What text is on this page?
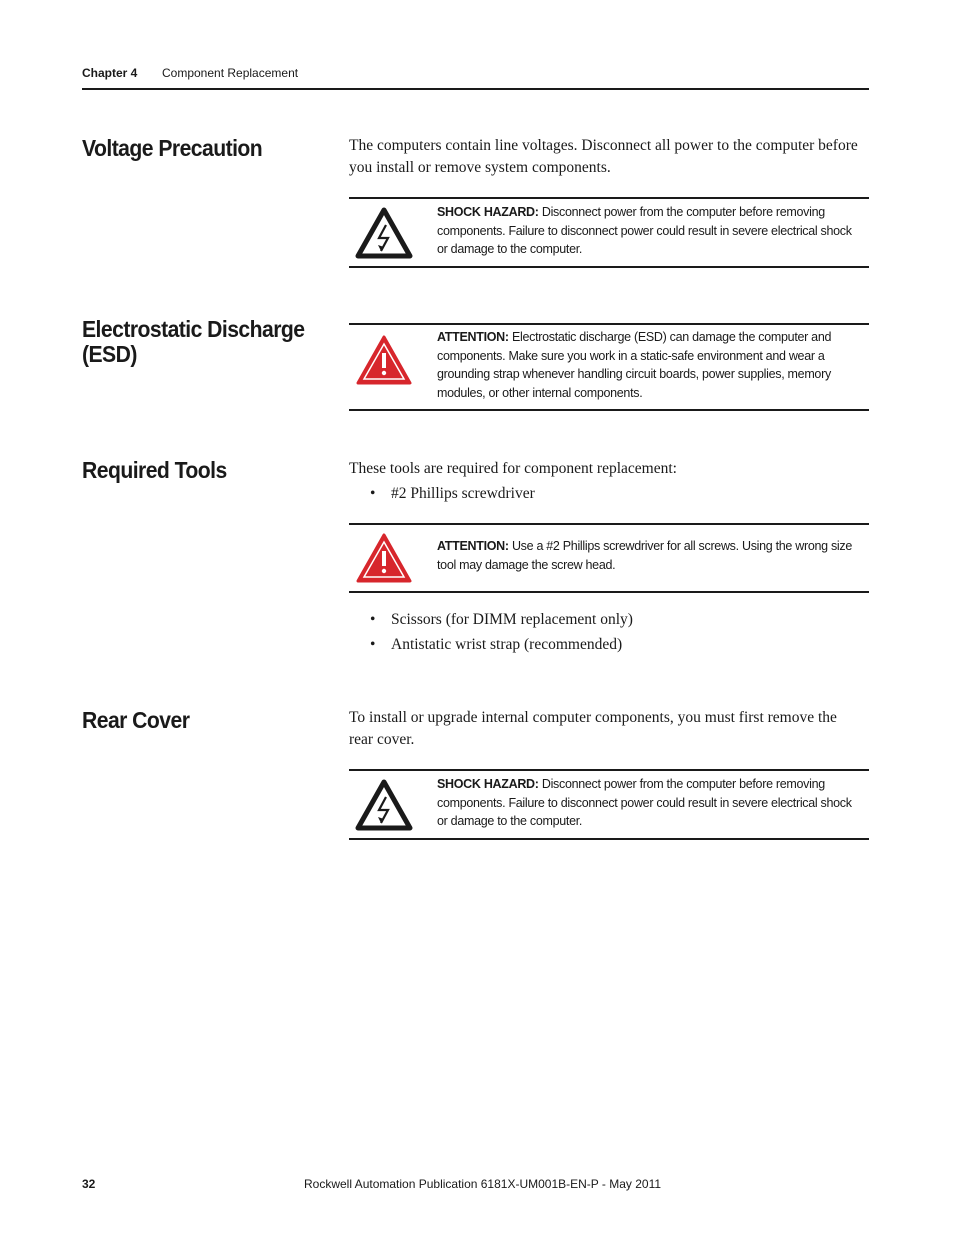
Chapter 4 Component Replacement
Voltage Precaution	The computers contain line voltages. Disconnect all power to the computer before you install or remove system components.

SHOCK HAZARD: Disconnect power from the computer before removing components. Failure to disconnect power could result in severe electrical shock or damage to the computer.
Electrostatic Discharge
(ESD)
ATTENTION: Electrostatic discharge (ESD) can damage the computer and components. Make sure you work in a static-safe environment and wear a grounding strap whenever handling circuit boards, power supplies, memory modules, or other internal components.
Required Tools	These tools are required for component replacement:

• #2 Phillips screwdriver
ATTENTION: Use a #2 Phillips screwdriver for all screws. Using the wrong size tool may damage the screw head.
• Scissors (for DIMM replacement only)
• Antistatic wrist strap (recommended)
Rear Cover	To install or upgrade internal computer components, you must first remove the rear cover.

SHOCK HAZARD: Disconnect power from the computer before removing components. Failure to disconnect power could result in severe electrical shock or damage to the computer.
32	Rockwell Automation Publication 6181X-UM001B-EN-P - May 2011
